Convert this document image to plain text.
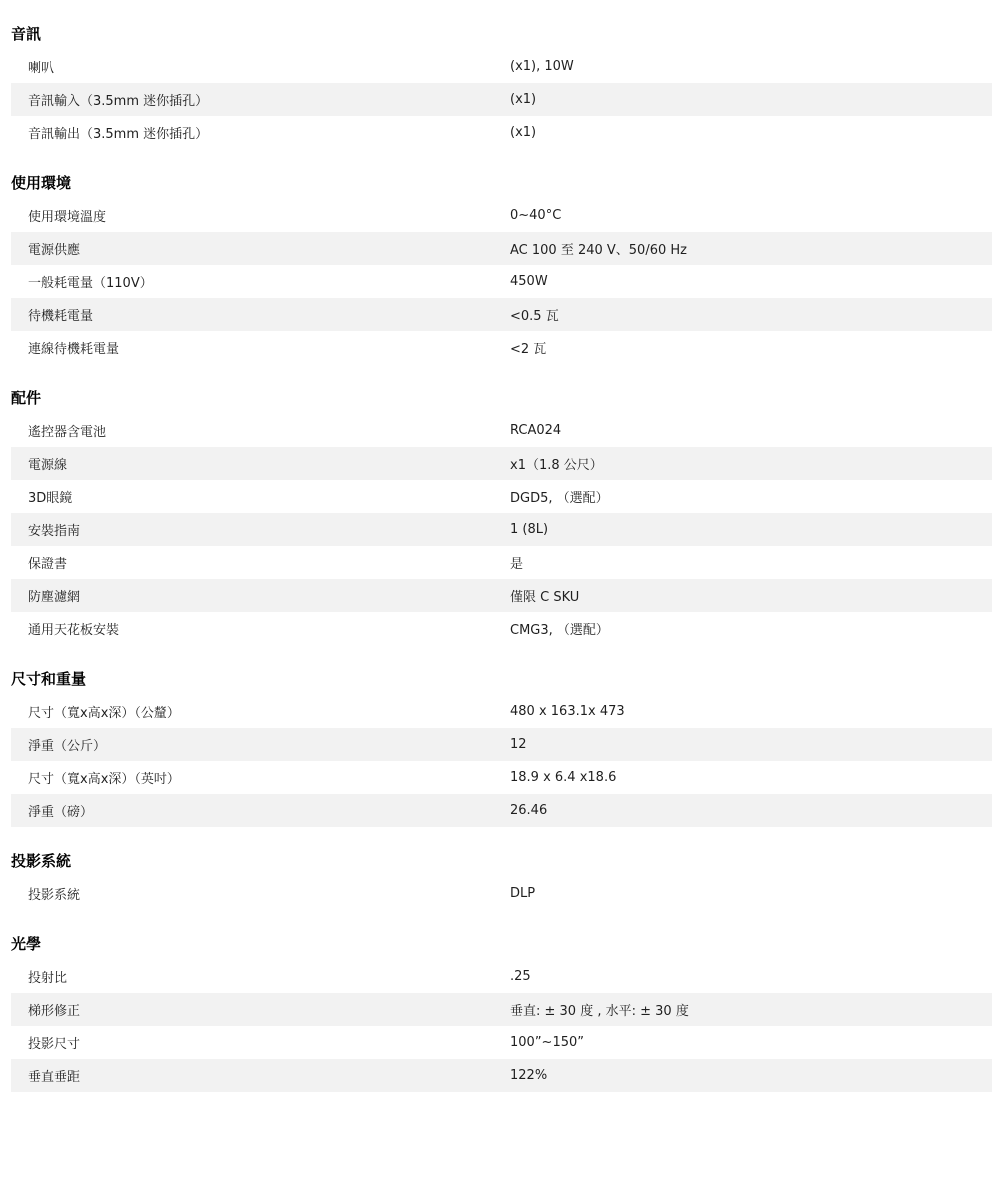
音訊
喇叭	(x1), 10W
音訊輸入（3.5mm 迷你插孔）	(x1)
音訊輸出（3.5mm 迷你插孔）	(x1)
使用環境
使用環境溫度	0~40°C
電源供應	AC 100 至 240 V、50/60 Hz
一般耗電量（110V）	450W
待機耗電量	<0.5 瓦
連線待機耗電量	<2 瓦
配件
遙控器含電池	RCA024
電源線	x1（1.8 公尺）
3D眼鏡	DGD5, （選配）
安裝指南	1 (8L)
保證書	是
防塵濾網	僅限 C SKU
通用天花板安裝	CMG3, （選配）
尺寸和重量
尺寸（寬x高x深）（公釐）	480 x 163.1x 473
淨重（公斤）	12
尺寸（寬x高x深）（英吋）	18.9 x 6.4 x18.6
淨重（磅）	26.46
投影系統
投影系統	DLP
光學
投射比	.25
梯形修正	垂直: ± 30 度 , 水平: ± 30 度
投影尺寸	100”~150”
垂直垂距	122%
